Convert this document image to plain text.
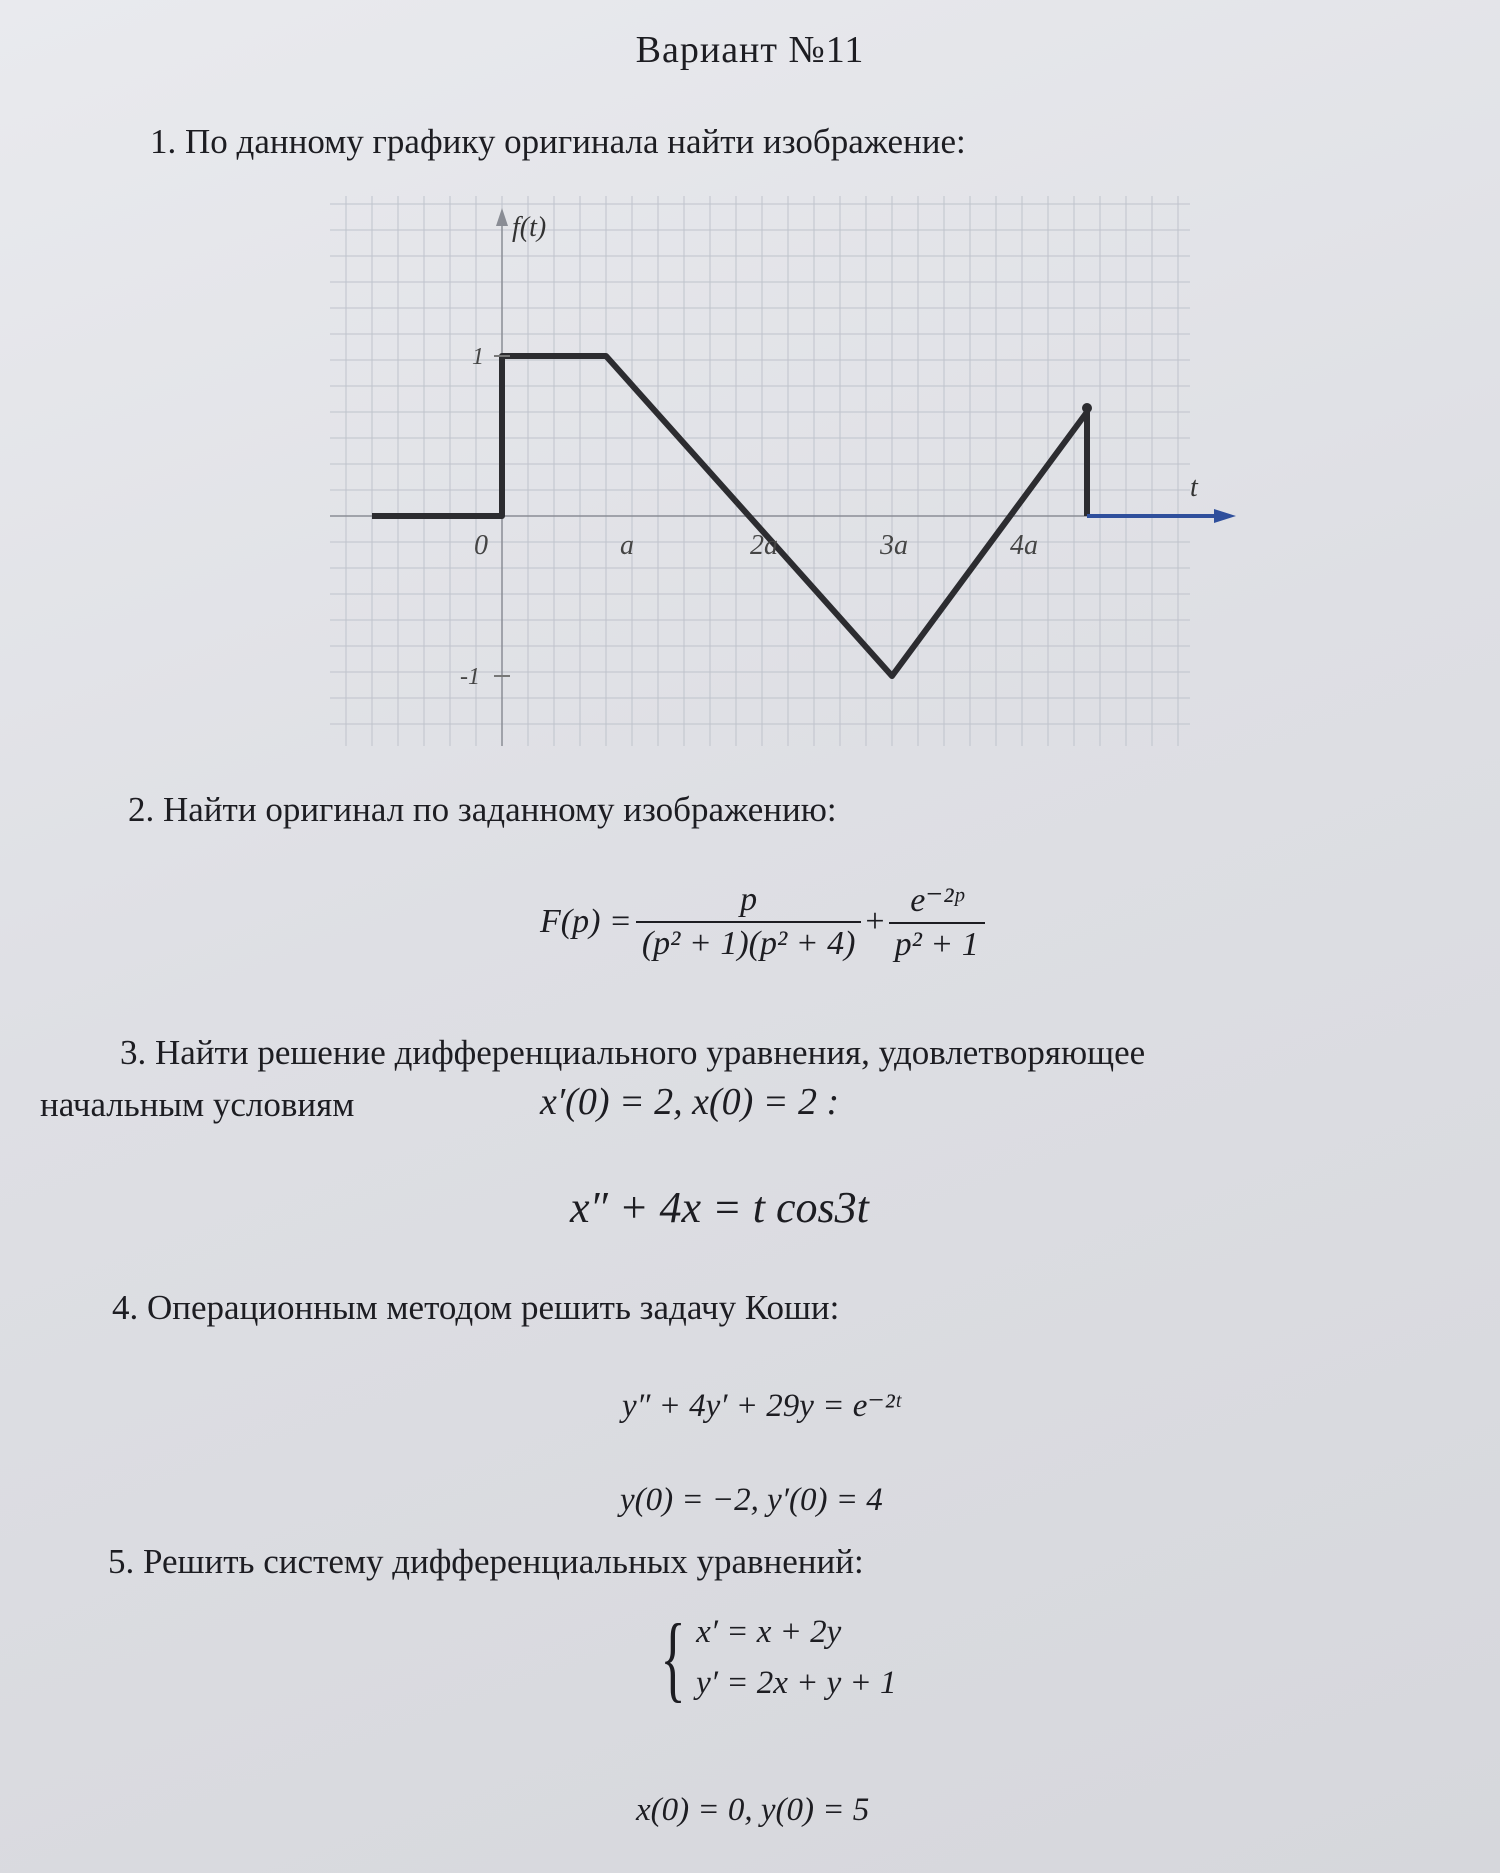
Вариант №11
1. По данному графику оригинала найти изображение:
f(t)
t
0	a	2a	3a	4a
1
-1
2. Найти оригинал по заданному изображению:
$F(p) = \frac{p}{\text{(p² + 1)(p² + 4)}} + \frac{\text{e⁻²ᵖ}}{\text{p² + 1}}$
3. Найти решение дифференциального уравнения, удовлетворяющее
начальным условиям	x′(0) = 2, x(0) = 2 :
x″ + 4x = t cos3t
4. Операционным методом решить задачу Коши:
y″ + 4y′ + 29y = e⁻²ᵗ
y(0) = −2, y′(0) = 4
5. Решить систему дифференциальных уравнений:
{ x′ = x + 2y
y′ = 2x + y + 1
x(0) = 0, y(0) = 5
